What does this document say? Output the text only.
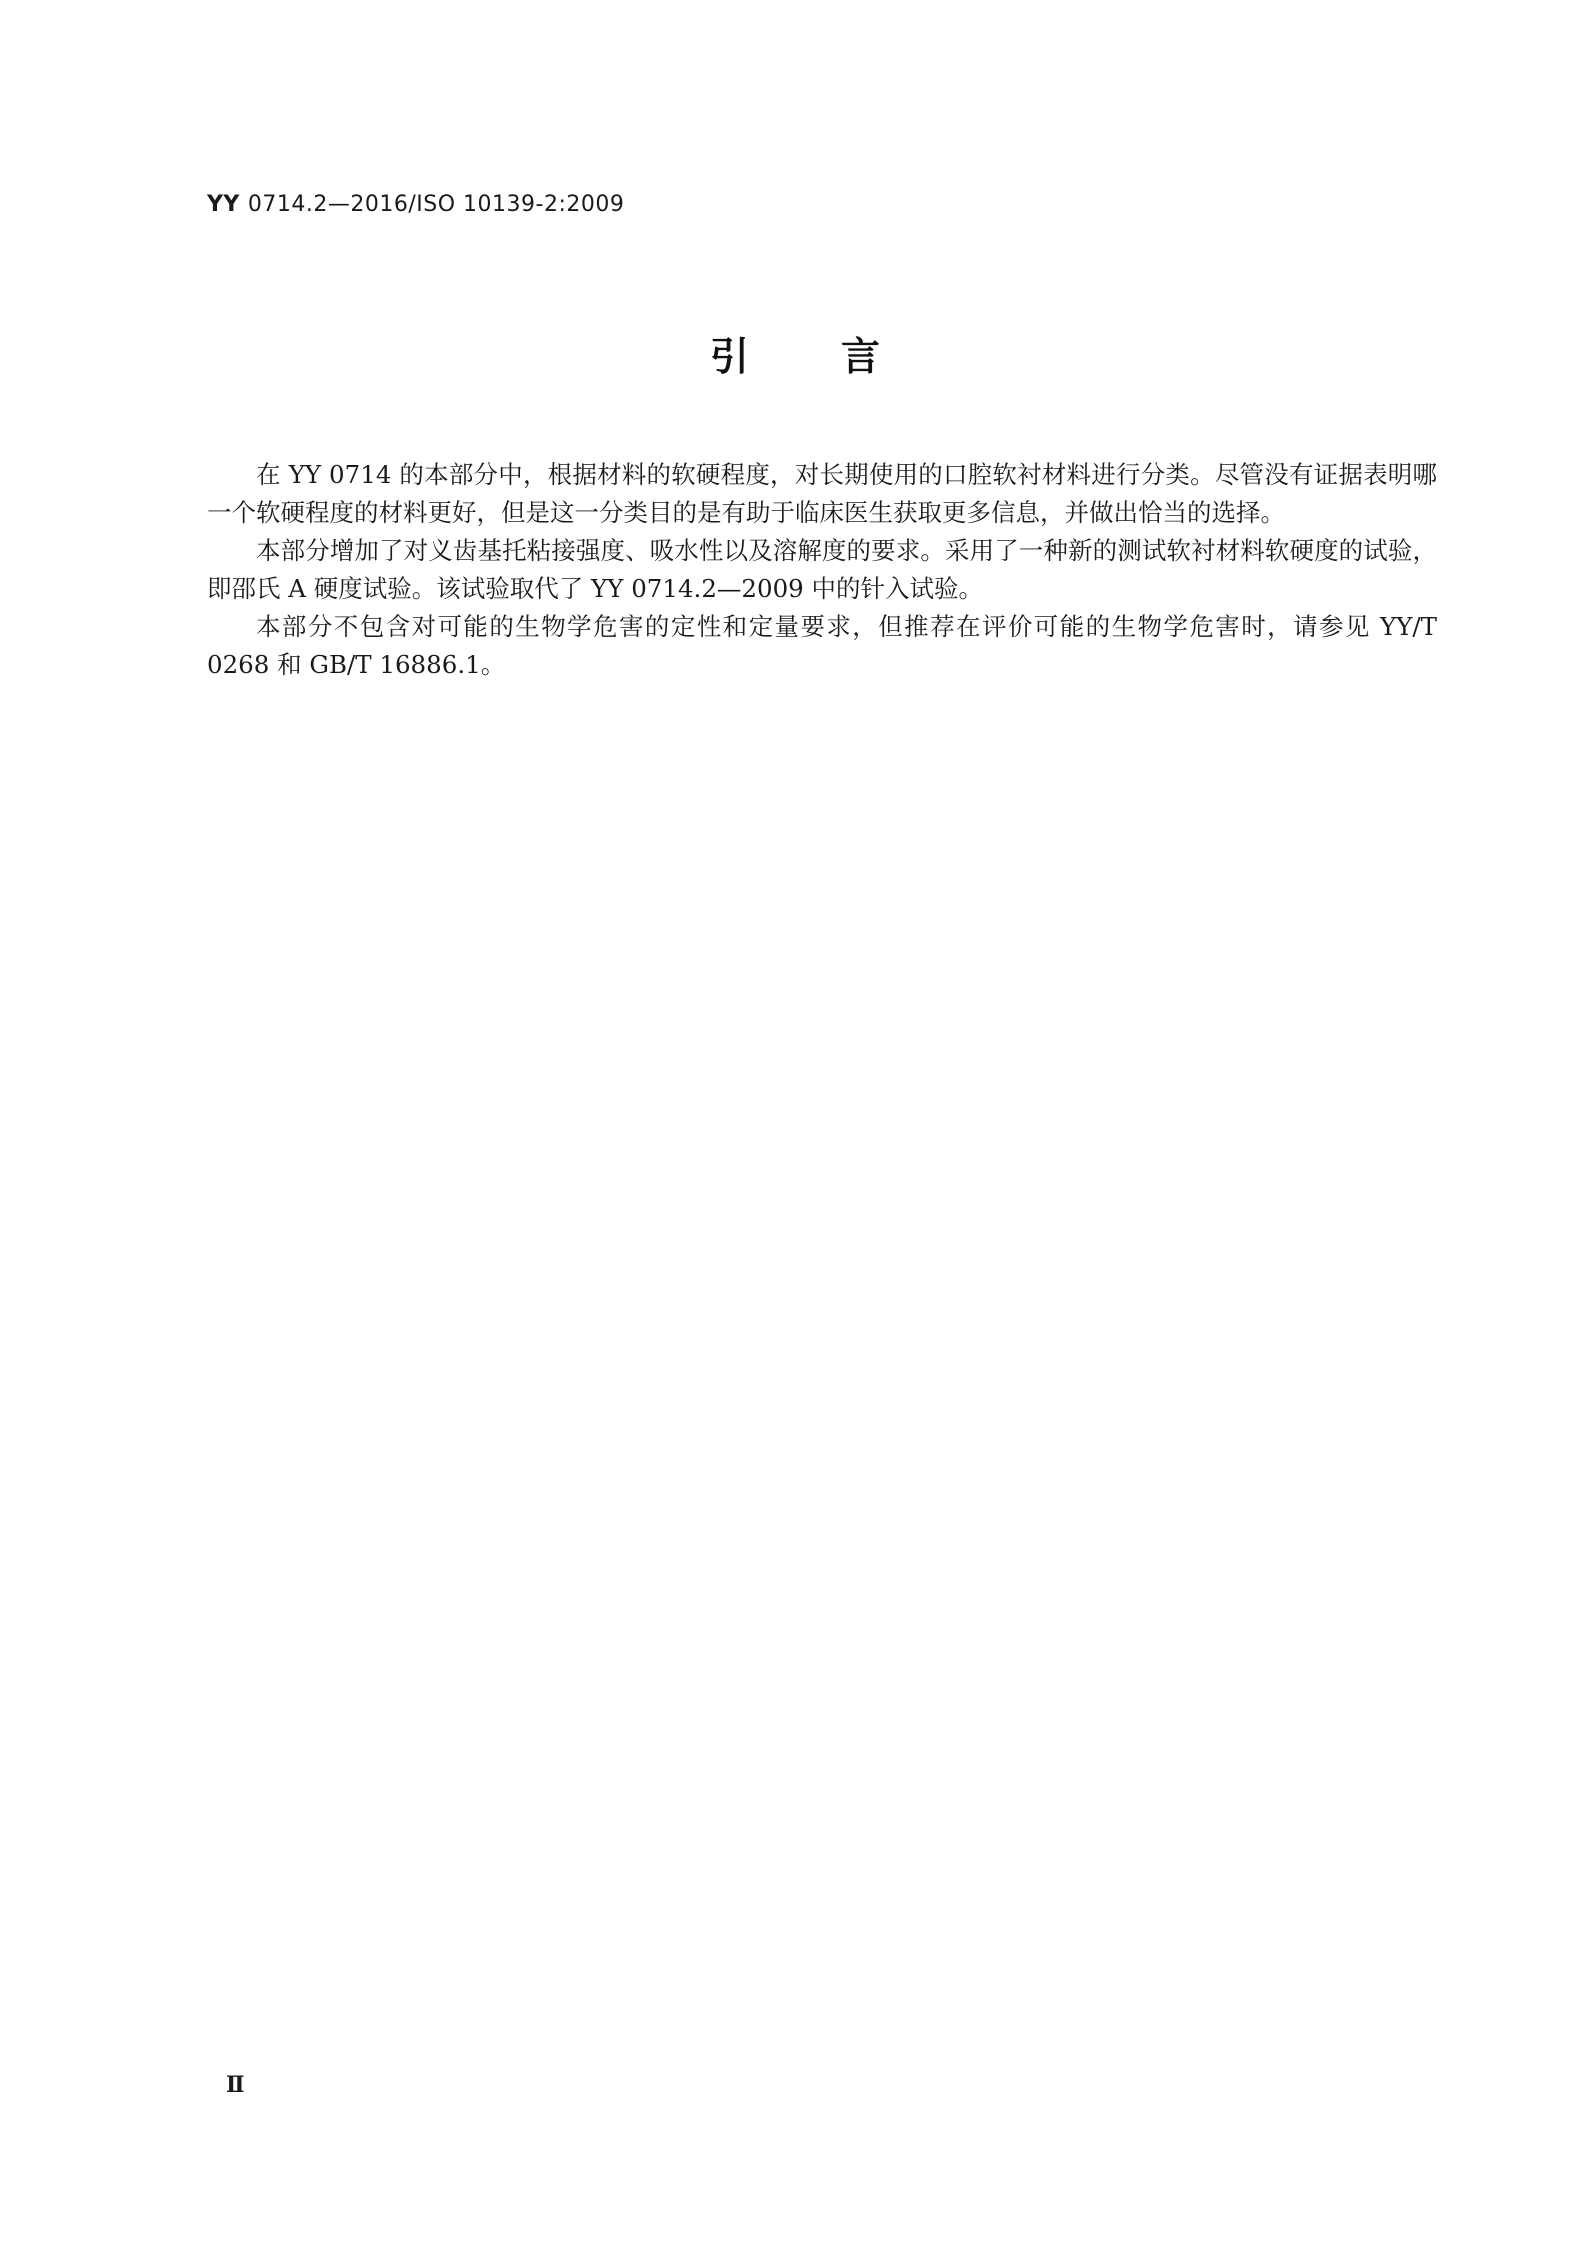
YY 0714.2—2016/ISO 10139-2:2009
引言

在 YY 0714 的本部分中，根据材料的软硬程度，对长期使用的口腔软衬材料进行分类。尽管没有证据表明哪一个软硬程度的材料更好，但是这一分类目的是有助于临床医生获取更多信息，并做出恰当的选择。

本部分增加了对义齿基托粘接强度、吸水性以及溶解度的要求。采用了一种新的测试软衬材料软硬度的试验，即邵氏 A 硬度试验。该试验取代了 YY 0714.2—2009 中的针入试验。

本部分不包含对可能的生物学危害的定性和定量要求，但推荐在评价可能的生物学危害时，请参见 YY/T 0268 和 GB/T 16886.1。

Ⅱ
